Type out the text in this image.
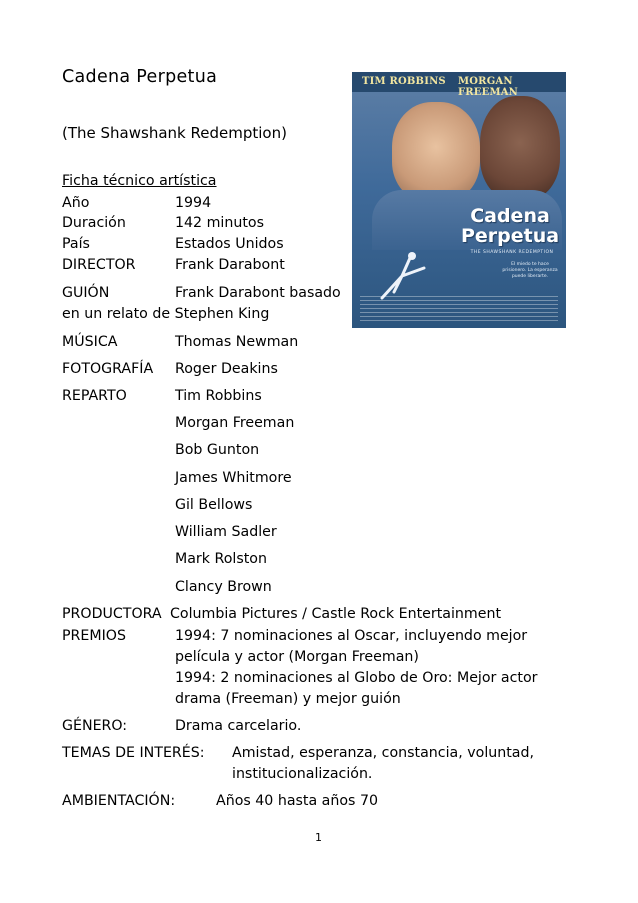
Cadena Perpetua
(The Shawshank Redemption)
Ficha técnico artística
Año	1994
Duración	142 minutos
País	Estados Unidos
DIRECTOR	Frank Darabont
GUIÓN	Frank Darabont basado
en un relato de Stephen King
MÚSICA	Thomas Newman
FOTOGRAFÍA Roger Deakins
REPARTO	Tim Robbins
Morgan Freeman
Bob Gunton
James Whitmore
Gil Bellows
William Sadler
Mark Rolston
Clancy Brown
PRODUCTORA Columbia Pictures / Castle Rock Entertainment
PREMIOS	1994: 7 nominaciones al Oscar, incluyendo mejor
película y actor (Morgan Freeman)
1994: 2 nominaciones al Globo de Oro: Mejor actor
drama (Freeman) y mejor guión
GÉNERO:	Drama carcelario.
TEMAS DE INTERÉS: Amistad, esperanza, constancia, voluntad,
institucionalización.
AMBIENTACIÓN:	Años 40 hasta años 70
1
TIM ROBBINS MORGAN FREEMAN
Cadena
Perpetua
THE SHAWSHANK REDEMPTION
El miedo te hace prisionero. La esperanza puede liberarte.
